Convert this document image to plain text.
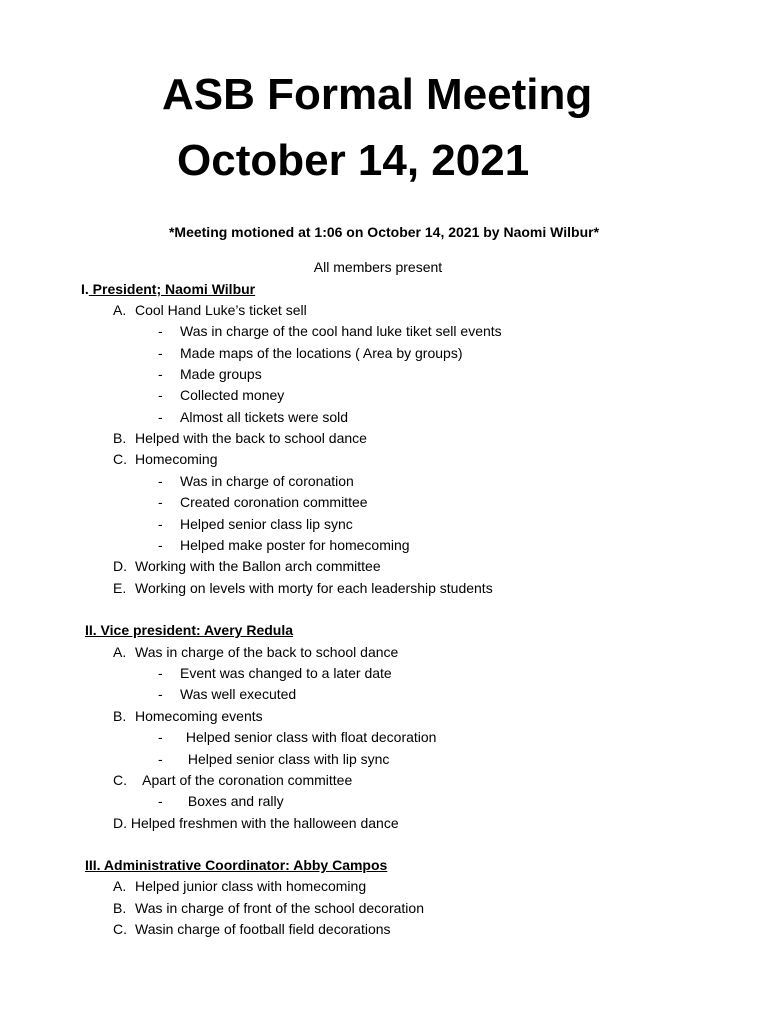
ASB Formal Meeting
October 14, 2021
*Meeting motioned at 1:06 on October 14, 2021 by Naomi Wilbur*
All members present
I. President; Naomi Wilbur
A. Cool Hand Luke’s ticket sell
- Was in charge of the cool hand luke tiket sell events
- Made maps of the locations ( Area by groups)
- Made groups
- Collected money
- Almost all tickets were sold
B. Helped with the back to school dance
C. Homecoming
- Was in charge of coronation
- Created coronation committee
- Helped senior class lip sync
- Helped make poster for homecoming
D. Working with the Ballon arch committee
E. Working on levels with morty for each leadership students
II. Vice president: Avery Redula
A. Was in charge of the back to school dance
- Event was changed to a later date
- Was well executed
B. Homecoming events
- Helped senior class with float decoration
- Helped senior class with lip sync
C. Apart of the coronation committee
- Boxes and rally
D. Helped freshmen with the halloween dance
III. Administrative Coordinator: Abby Campos
A. Helped junior class with homecoming
B. Was in charge of front of the school decoration
C. Wasin charge of football field decorations
